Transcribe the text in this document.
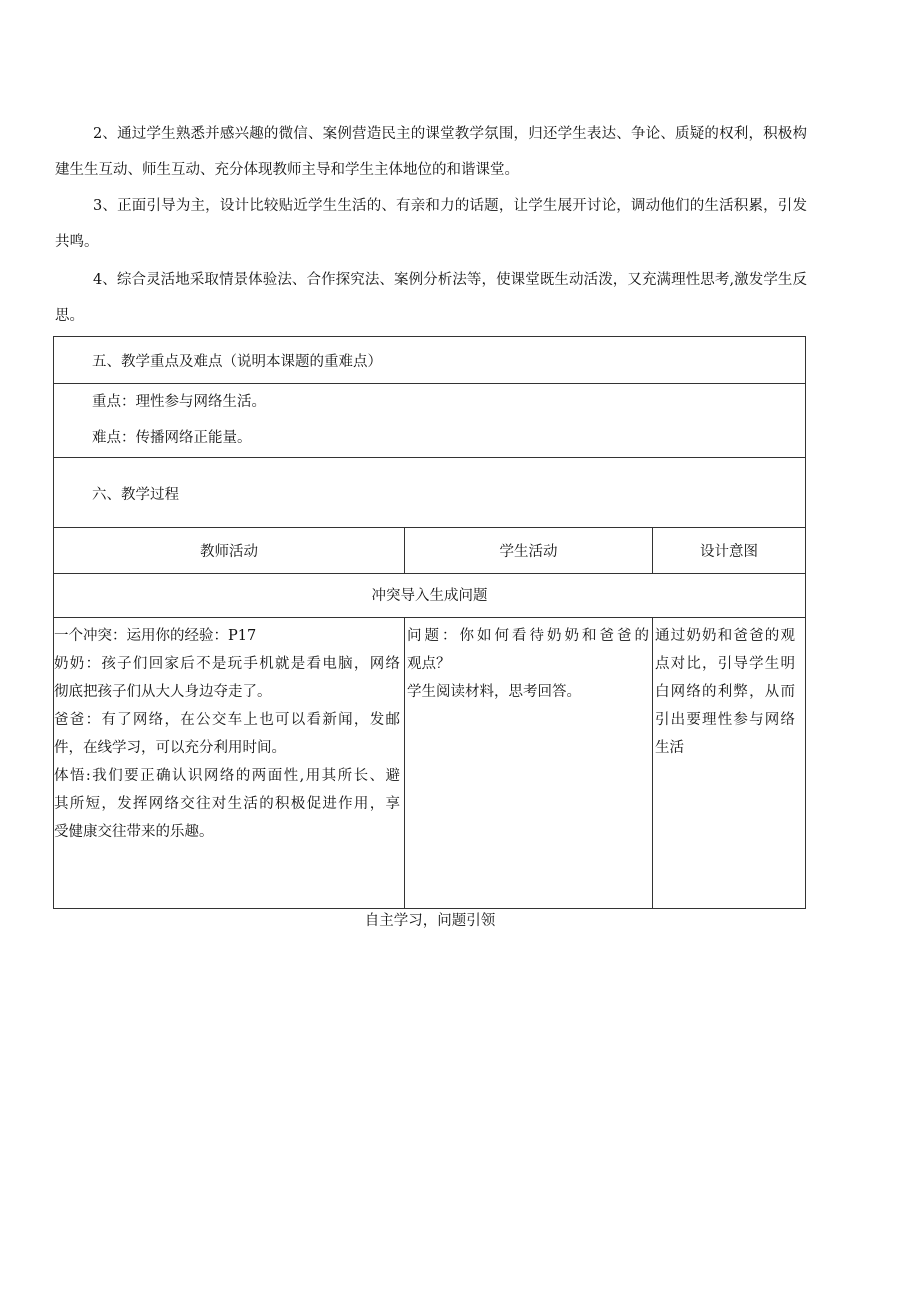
2、通过学生熟悉并感兴趣的微信、案例营造民主的课堂教学氛围，归还学生表达、争论、质疑的权利，积极构建生生互动、师生互动、充分体现教师主导和学生主体地位的和谐课堂。

3、正面引导为主，设计比较贴近学生生活的、有亲和力的话题，让学生展开讨论，调动他们的生活积累，引发共鸣。

4、综合灵活地采取情景体验法、合作探究法、案例分析法等，使课堂既生动活泼，又充满理性思考,激发学生反思。

五、教学重点及难点（说明本课题的重难点）
重点：理性参与网络生活。
难点：传播网络正能量。
六、教学过程
教师活动	学生活动	设计意图
冲突导入生成问题
一个冲突：运用你的经验：P17
奶奶：孩子们回家后不是玩手机就是看电脑，网络
彻底把孩子们从大人身边夺走了。
爸爸：有了网络，在公交车上也可以看新闻，发邮
件，在线学习，可以充分利用时间。
体悟:我们要正确认识网络的两面性,用其所长、避
其所短，发挥网络交往对生活的积极促进作用，享
受健康交往带来的乐趣。
问题：你如何看待奶奶和爸爸的
观点？
学生阅读材料，思考回答。
通过奶奶和爸爸的观
点对比，引导学生明
白网络的利弊，从而
引出要理性参与网络
生活
自主学习，问题引领
